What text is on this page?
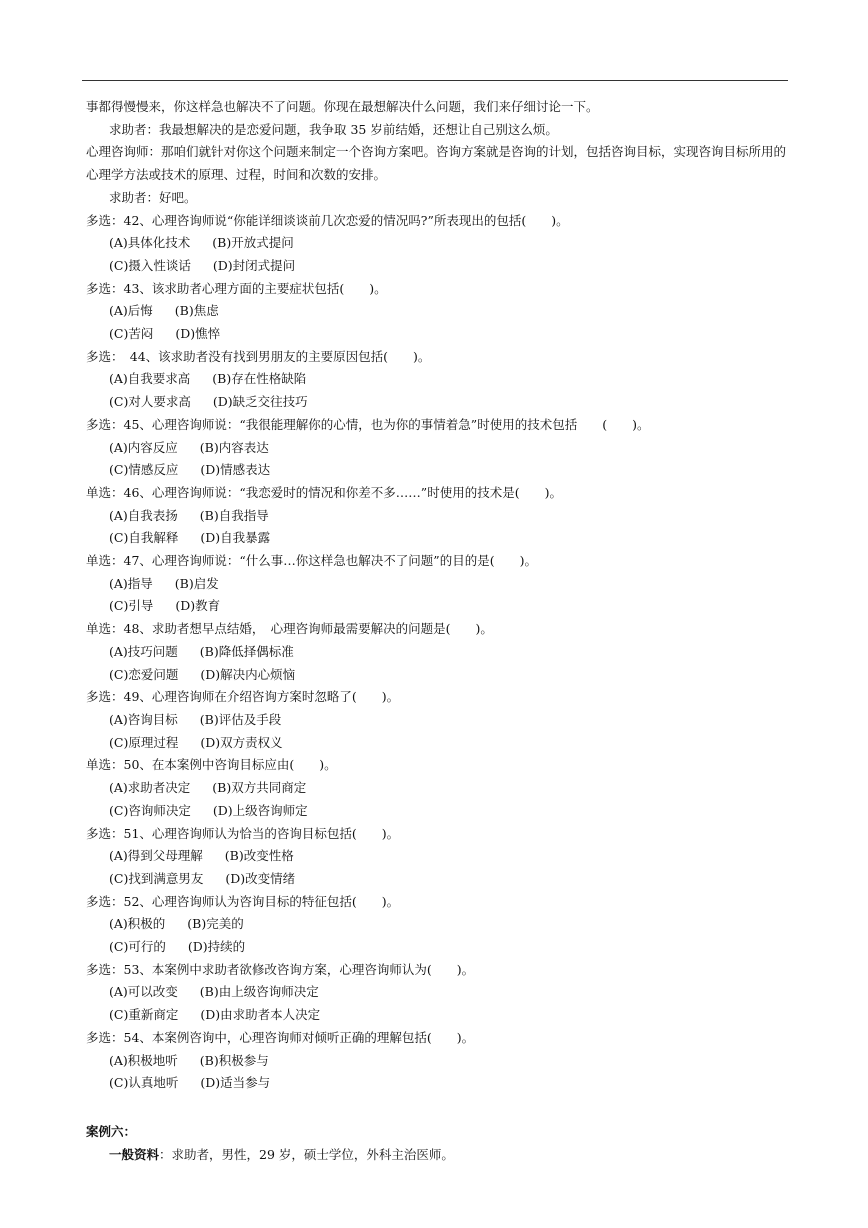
事都得慢慢来，你这样急也解决不了问题。你现在最想解决什么问题，我们来仔细讨论一下。
求助者：我最想解决的是恋爱问题，我争取 35 岁前结婚，还想让自己别这么烦。
心理咨询师：那咱们就针对你这个问题来制定一个咨询方案吧。咨询方案就是咨询的计划，包括咨询目标，实现咨询目标所用的心理学方法或技术的原理、过程，时间和次数的安排。
求助者：好吧。
多选：42、心理咨询师说“你能详细谈谈前几次恋爱的情况吗?”所表现出的包括(　　)。
(A)具体化技术 (B)开放式提问
(C)摄入性谈话 (D)封闭式提问
多选：43、该求助者心理方面的主要症状包括(　　)。
(A)后悔 (B)焦虑
(C)苦闷 (D)憔悴
多选：　44、该求助者没有找到男朋友的主要原因包括(　　)。
(A)自我要求高 (B)存在性格缺陷
(C)对人要求高 (D)缺乏交往技巧
多选：45、心理咨询师说：“我很能理解你的心情，也为你的事情着急”时使用的技术包括　　(　　)。
(A)内容反应 (B)内容表达
(C)情感反应 (D)情感表达
单选：46、心理咨询师说：“我恋爱时的情况和你差不多……”时使用的技术是(　　)。
(A)自我表扬 (B)自我指导
(C)自我解释 (D)自我暴露
单选：47、心理咨询师说：“什么事…你这样急也解决不了问题”的目的是(　　)。
(A)指导 (B)启发
(C)引导 (D)教育
单选：48、求助者想早点结婚，　心理咨询师最需要解决的问题是(　　)。
(A)技巧问题 (B)降低择偶标准
(C)恋爱问题 (D)解决内心烦恼
多选：49、心理咨询师在介绍咨询方案时忽略了(　　)。
(A)咨询目标 (B)评估及手段
(C)原理过程 (D)双方责权义
单选：50、在本案例中咨询目标应由(　　)。
(A)求助者决定 (B)双方共同商定
(C)咨询师决定 (D)上级咨询师定
多选：51、心理咨询师认为恰当的咨询目标包括(　　)。
(A)得到父母理解 (B)改变性格
(C)找到满意男友 (D)改变情绪
多选：52、心理咨询师认为咨询目标的特征包括(　　)。
(A)积极的 (B)完美的
(C)可行的 (D)持续的
多选：53、本案例中求助者欲修改咨询方案，心理咨询师认为(　　)。
(A)可以改变 (B)由上级咨询师决定
(C)重新商定 (D)由求助者本人决定
多选：54、本案例咨询中，心理咨询师对倾听正确的理解包括(　　)。
(A)积极地听 (B)积极参与
(C)认真地听 (D)适当参与
案例六：
一般资料：求助者，男性，29 岁，硕士学位，外科主治医师。
